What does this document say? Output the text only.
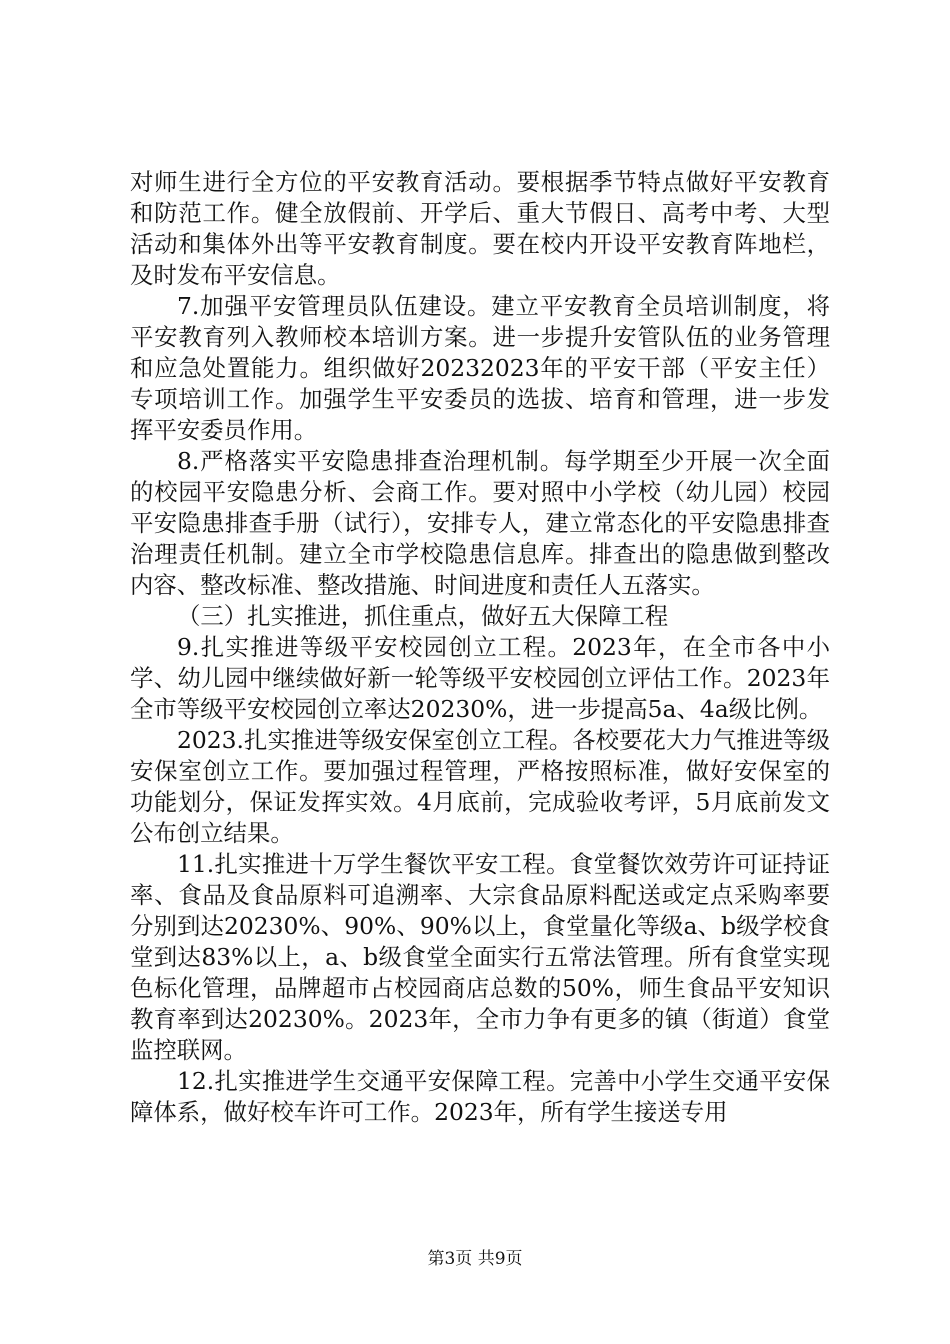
对师生进行全方位的平安教育活动。要根据季节特点做好平安教育和防范工作。健全放假前、开学后、重大节假日、高考中考、大型活动和集体外出等平安教育制度。要在校内开设平安教育阵地栏，及时发布平安信息。

7.加强平安管理员队伍建设。建立平安教育全员培训制度，将平安教育列入教师校本培训方案。进一步提升安管队伍的业务管理和应急处置能力。组织做好20232023年的平安干部（平安主任）专项培训工作。加强学生平安委员的选拔、培育和管理，进一步发挥平安委员作用。

8.严格落实平安隐患排查治理机制。每学期至少开展一次全面的校园平安隐患分析、会商工作。要对照中小学校（幼儿园）校园平安隐患排查手册（试行），安排专人，建立常态化的平安隐患排查治理责任机制。建立全市学校隐患信息库。排查出的隐患做到整改内容、整改标准、整改措施、时间进度和责任人五落实。

（三）扎实推进，抓住重点，做好五大保障工程

9.扎实推进等级平安校园创立工程。2023年，在全市各中小学、幼儿园中继续做好新一轮等级平安校园创立评估工作。2023年全市等级平安校园创立率达20230%，进一步提高5a、4a级比例。

2023.扎实推进等级安保室创立工程。各校要花大力气推进等级安保室创立工作。要加强过程管理，严格按照标准，做好安保室的功能划分，保证发挥实效。4月底前，完成验收考评，5月底前发文公布创立结果。

11.扎实推进十万学生餐饮平安工程。食堂餐饮效劳许可证持证率、食品及食品原料可追溯率、大宗食品原料配送或定点采购率要分别到达20230%、90%、90%以上，食堂量化等级a、b级学校食堂到达83%以上，a、b级食堂全面实行五常法管理。所有食堂实现色标化管理，品牌超市占校园商店总数的50%，师生食品平安知识教育率到达20230%。2023年，全市力争有更多的镇（街道）食堂监控联网。

12.扎实推进学生交通平安保障工程。完善中小学生交通平安保障体系，做好校车许可工作。2023年，所有学生接送专用

第3页 共9页
